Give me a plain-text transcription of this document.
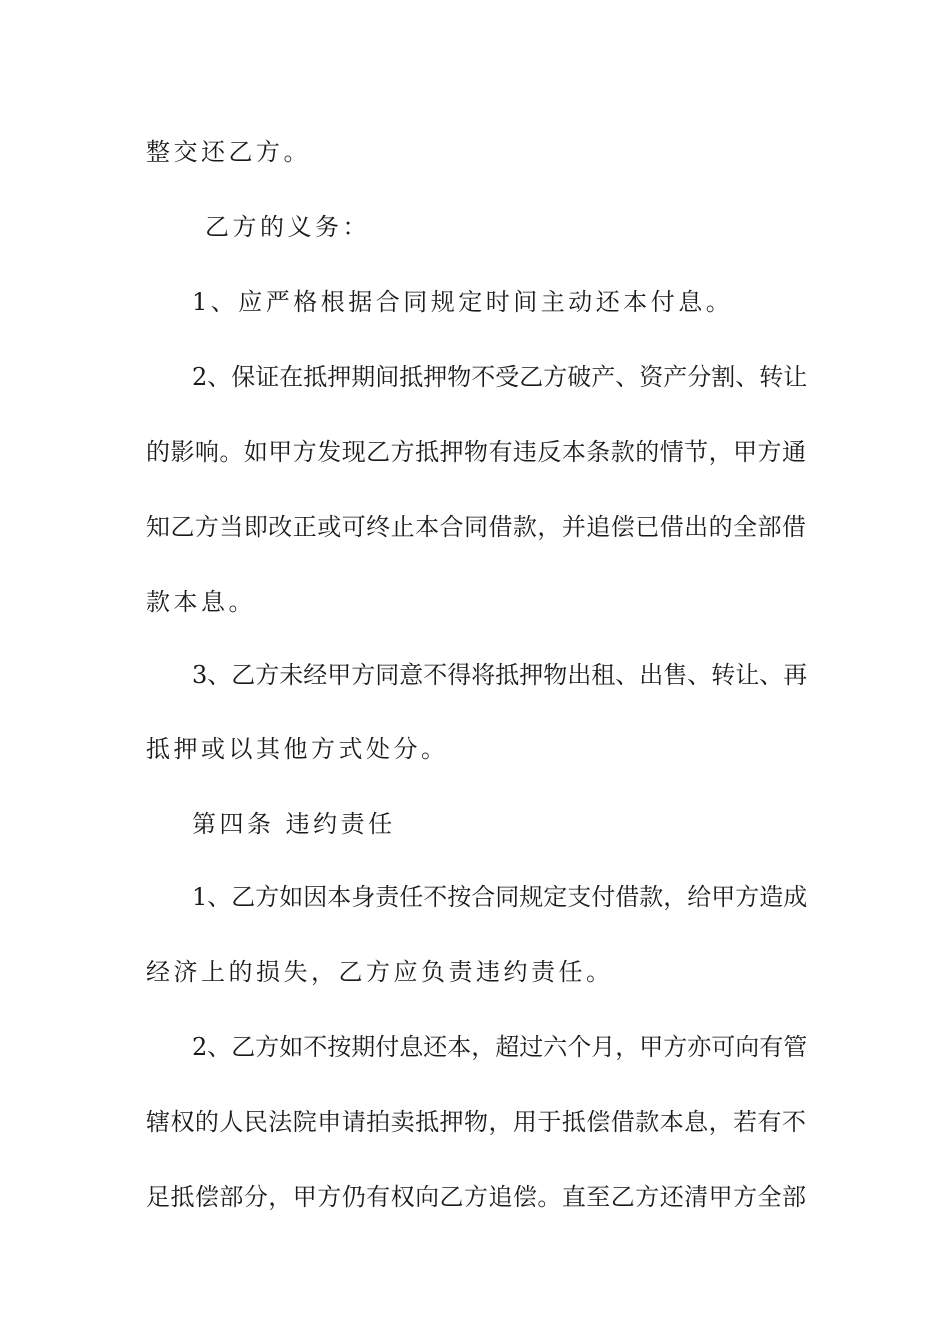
整交还乙方。
乙方的义务：
1、应严格根据合同规定时间主动还本付息。
2、保证在抵押期间抵押物不受乙方破产、资产分割、转让
的影响。如甲方发现乙方抵押物有违反本条款的情节，甲方通
知乙方当即改正或可终止本合同借款，并追偿已借出的全部借
款本息。
3、乙方未经甲方同意不得将抵押物出租、出售、转让、再
抵押或以其他方式处分。
第四条 违约责任
1、乙方如因本身责任不按合同规定支付借款，给甲方造成
经济上的损失，乙方应负责违约责任。
2、乙方如不按期付息还本，超过六个月，甲方亦可向有管
辖权的人民法院申请拍卖抵押物，用于抵偿借款本息，若有不
足抵偿部分，甲方仍有权向乙方追偿。直至乙方还清甲方全部
